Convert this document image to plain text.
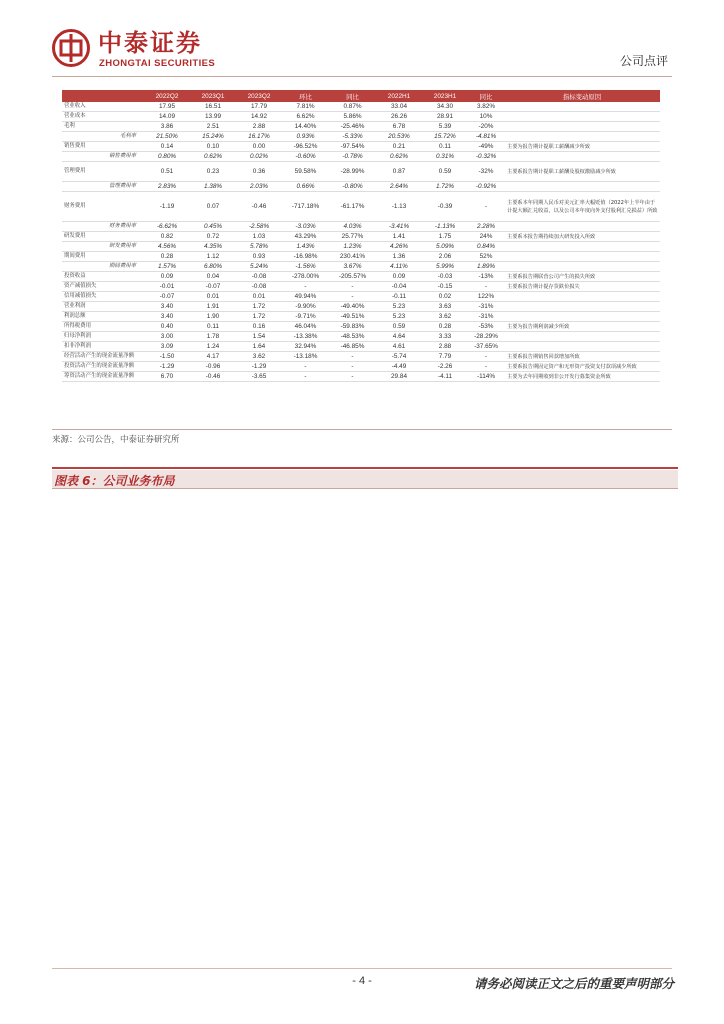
中泰证券
ZHONGTAI SECURITIES	公司点评
	2022Q2	2023Q1	2023Q2	环比	同比	2022H1	2023H1	同比	指标变动原因
营业收入	17.95	16.51	17.79	7.81%	0.87%	33.04	34.30	3.82%	
营业成本	14.09	13.99	14.92	6.62%	5.86%	26.26	28.91	10%	
毛利	3.86	2.51	2.88	14.40%	-25.46%	6.78	5.39	-20%	
毛利率	21.50%	15.24%	16.17%	0.93%	-5.33%	20.53%	15.72%	-4.81%	
销售费用	0.14	0.10	0.00	-96.52%	-97.54%	0.21	0.11	-49%	主要为报告期计提职工薪酬减少所致
销售费用率	0.80%	0.62%	0.02%	-0.60%	-0.78%	0.62%	0.31%	-0.32%	
管理费用	0.51	0.23	0.36	59.58%	-28.99%	0.87	0.59	-32%	主要系报告期计提职工薪酬及股权激励减少所致
管理费用率	2.83%	1.38%	2.03%	0.66%	-0.80%	2.64%	1.72%	-0.92%	
财务费用	-1.19	0.07	-0.46	-717.18%	-61.17%	-1.13	-0.39	-	主要系本年同期人民币对美元汇率大幅贬值（2022年上半年由于计提大额汇兑收益，以及公司本年度向外支付股利汇兑损益）所致
财务费用率	-6.62%	0.45%	-2.58%	-3.03%	4.03%	-3.41%	-1.13%	2.28%	
研发费用	0.82	0.72	1.03	43.29%	25.77%	1.41	1.75	24%	主要系本报告期持续加大研发投入所致
研发费用率	4.56%	4.35%	5.78%	1.43%	1.23%	4.26%	5.09%	0.84%	
期间费用	0.28	1.12	0.93	-16.98%	230.41%	1.36	2.06	52%	
期间费用率	1.57%	6.80%	5.24%	-1.56%	3.67%	4.11%	5.99%	1.89%	
投资收益	0.09	0.04	-0.08	-278.00%	-205.57%	0.09	-0.03	-13%	主要系报告期联营公司产生的损失所致
资产减值损失	-0.01	-0.07	-0.08	-	-	-0.04	-0.15	-	主要系报告期计提存货跌价损失
信用减值损失	-0.07	0.01	0.01	49.94%	-	-0.11	0.02	122%	
营业利润	3.40	1.91	1.72	-9.90%	-49.40%	5.23	3.63	-31%	
利润总额	3.40	1.90	1.72	-9.71%	-49.51%	5.23	3.62	-31%	
所得税费用	0.40	0.11	0.16	46.04%	-59.83%	0.59	0.28	-53%	主要为报告期利润减少所致
归母净利润	3.00	1.78	1.54	-13.38%	-48.53%	4.64	3.33	-28.29%	
扣非净利润	3.09	1.24	1.64	32.94%	-46.85%	4.61	2.88	-37.65%	
经营活动产生的现金流量净额	-1.50	4.17	3.62	-13.18%	-	-5.74	7.79	-	主要系报告期销售回款增加所致
投资活动产生的现金流量净额	-1.29	-0.96	-1.29	-	-	-4.49	-2.26	-	主要系报告期固定资产和无形资产投资支付款项减少所致
筹资活动产生的现金流量净额	6.70	-0.46	-3.65	-	-	29.84	-4.11	-114%	主要为去年同期收到非公开发行募集资金所致
来源：公司公告，中泰证券研究所
图表 6：公司业务布局
- 4 -	请务必阅读正文之后的重要声明部分
